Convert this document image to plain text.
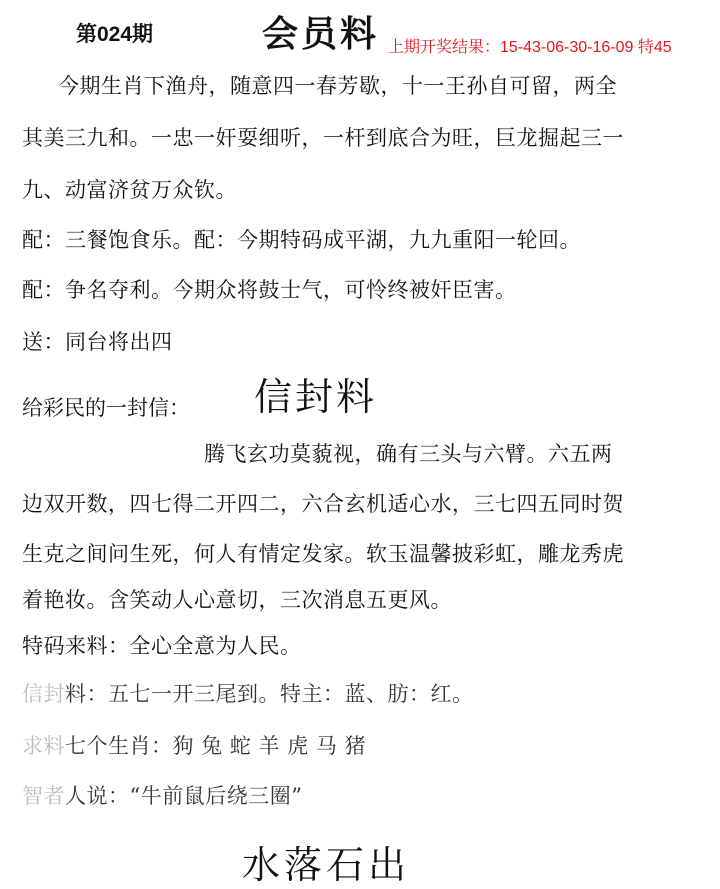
第024期	会员料 上期开奖结果：15-43-06-30-16-09 特45
今期生肖下渔舟，随意四一春芳歇，十一王孙自可留，两全
其美三九和。一忠一奸耍细听，一杆到底合为旺，巨龙掘起三一
九、动富济贫万众钦。
配：三餐饱食乐。配：今期特码成平湖，九九重阳一轮回。
配：争名夺利。今期众将鼓士气，可怜终被奸臣害。
送：同台将出四
给彩民的一封信： 信封料
腾飞玄功莫藐视，确有三头与六臂。六五两
边双开数，四七得二开四二，六合玄机适心水，三七四五同时贺
生克之间问生死，何人有情定发家。软玉温馨披彩虹，雕龙秀虎
着艳妆。含笑动人心意切，三次消息五更风。
特码来料：全心全意为人民。
信封料：五七一开三尾到。特主：蓝、肪：红。
求料七个生肖：狗 兔 蛇 羊 虎 马 猪
智者人说：“牛前鼠后绕三圈”
水落石出
